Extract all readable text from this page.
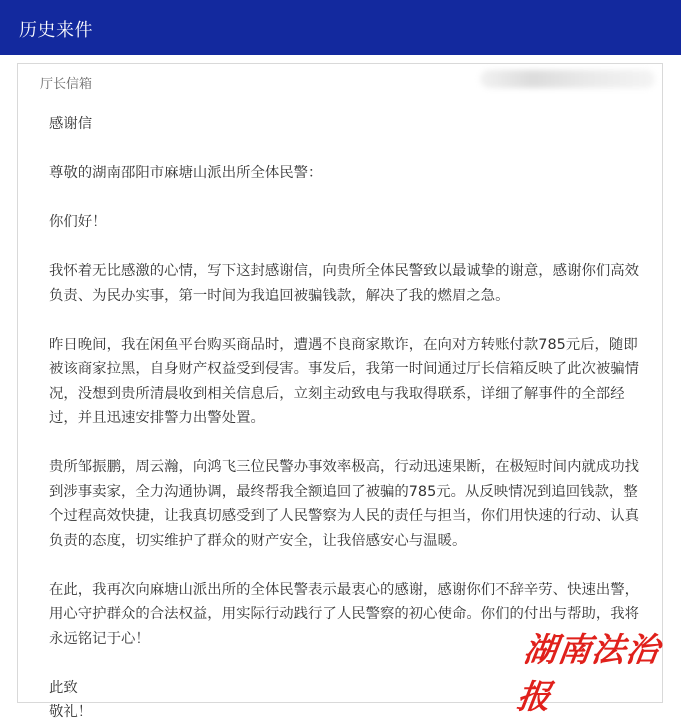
历史来件
厅长信箱

感谢信

尊敬的湖南邵阳市麻塘山派出所全体民警：

你们好！

我怀着无比感激的心情，写下这封感谢信，向贵所全体民警致以最诚挚的谢意，感谢你们高效负责、为民办实事，第一时间为我追回被骗钱款，解决了我的燃眉之急。

昨日晚间，我在闲鱼平台购买商品时，遭遇不良商家欺诈，在向对方转账付款785元后，随即被该商家拉黑，自身财产权益受到侵害。事发后，我第一时间通过厅长信箱反映了此次被骗情况，没想到贵所清晨收到相关信息后，立刻主动致电与我取得联系，详细了解事件的全部经过，并且迅速安排警力出警处置。

贵所邹振鹏，周云瀚，向鸿飞三位民警办事效率极高，行动迅速果断，在极短时间内就成功找到涉事卖家，全力沟通协调，最终帮我全额追回了被骗的785元。从反映情况到追回钱款，整个过程高效快捷，让我真切感受到了人民警察为人民的责任与担当，你们用快速的行动、认真负责的态度，切实维护了群众的财产安全，让我倍感安心与温暖。

在此，我再次向麻塘山派出所的全体民警表示最衷心的感谢，感谢你们不辞辛劳、快速出警，用心守护群众的合法权益，用实际行动践行了人民警察的初心使命。你们的付出与帮助，我将永远铭记于心！

此致

敬礼！

湖南法治报
